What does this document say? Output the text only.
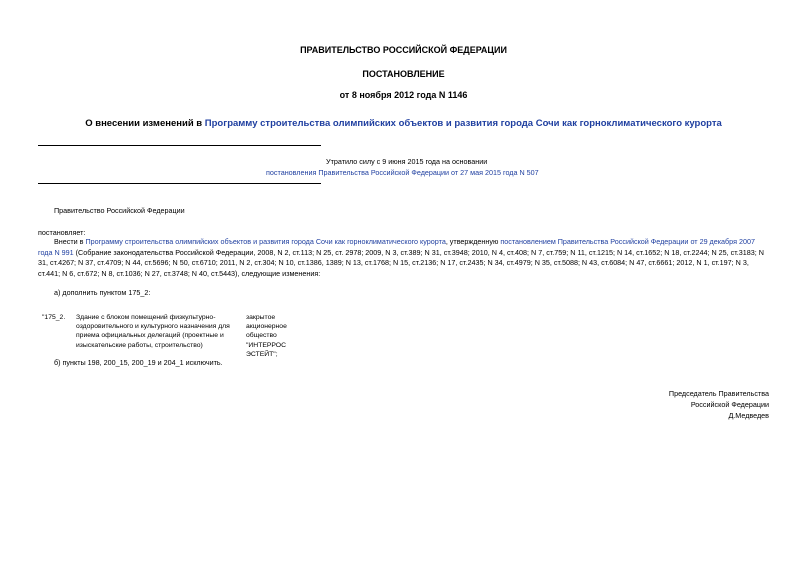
ПРАВИТЕЛЬСТВО РОССИЙСКОЙ ФЕДЕРАЦИИ
ПОСТАНОВЛЕНИЕ
от 8 ноября 2012 года N 1146
О внесении изменений в Программу строительства олимпийских объектов и развития города Сочи как горноклиматического курорта
Утратило силу с 9 июня 2015 года на основании
постановления Правительства Российской Федерации от 27 мая 2015 года N 507
Правительство Российской Федерации
постановляет:
Внести в Программу строительства олимпийских объектов и развития города Сочи как горноклиматического курорта, утвержденную постановлением Правительства Российской Федерации от 29 декабря 2007 года N 991 (Собрание законодательства Российской Федерации, 2008, N 2, ст.113; N 25, ст. 2978; 2009, N 3, ст.389; N 31, ст.3948; 2010, N 4, ст.408; N 7, ст.759; N 11, ст.1215; N 14, ст.1652; N 18, ст.2244; N 25, ст.3183; N 31, ст.4267; N 37, ст.4709; N 44, ст.5696; N 50, ст.6710; 2011, N 2, ст.304; N 10, ст.1386, 1389; N 13, ст.1768; N 15, ст.2136; N 17, ст.2435; N 34, ст.4979; N 35, ст.5088; N 43, ст.6084; N 47, ст.6661; 2012, N 1, ст.197; N 3, ст.441; N 6, ст.672; N 8, ст.1036; N 27, ст.3748; N 40, ст.5443), следующие изменения:
а) дополнить пунктом 175_2:
"175_2. Здание с блоком помещений физкультурно-оздоровительного и культурного назначения для приема официальных делегаций (проектные и изыскательские работы, строительство)
закрытое акционерное общество "ИНТЕРРОС ЭСТЕЙТ";
б) пункты 198, 200_15, 200_19 и 204_1 исключить.
Председатель Правительства
Российской Федерации
Д.Медведев
